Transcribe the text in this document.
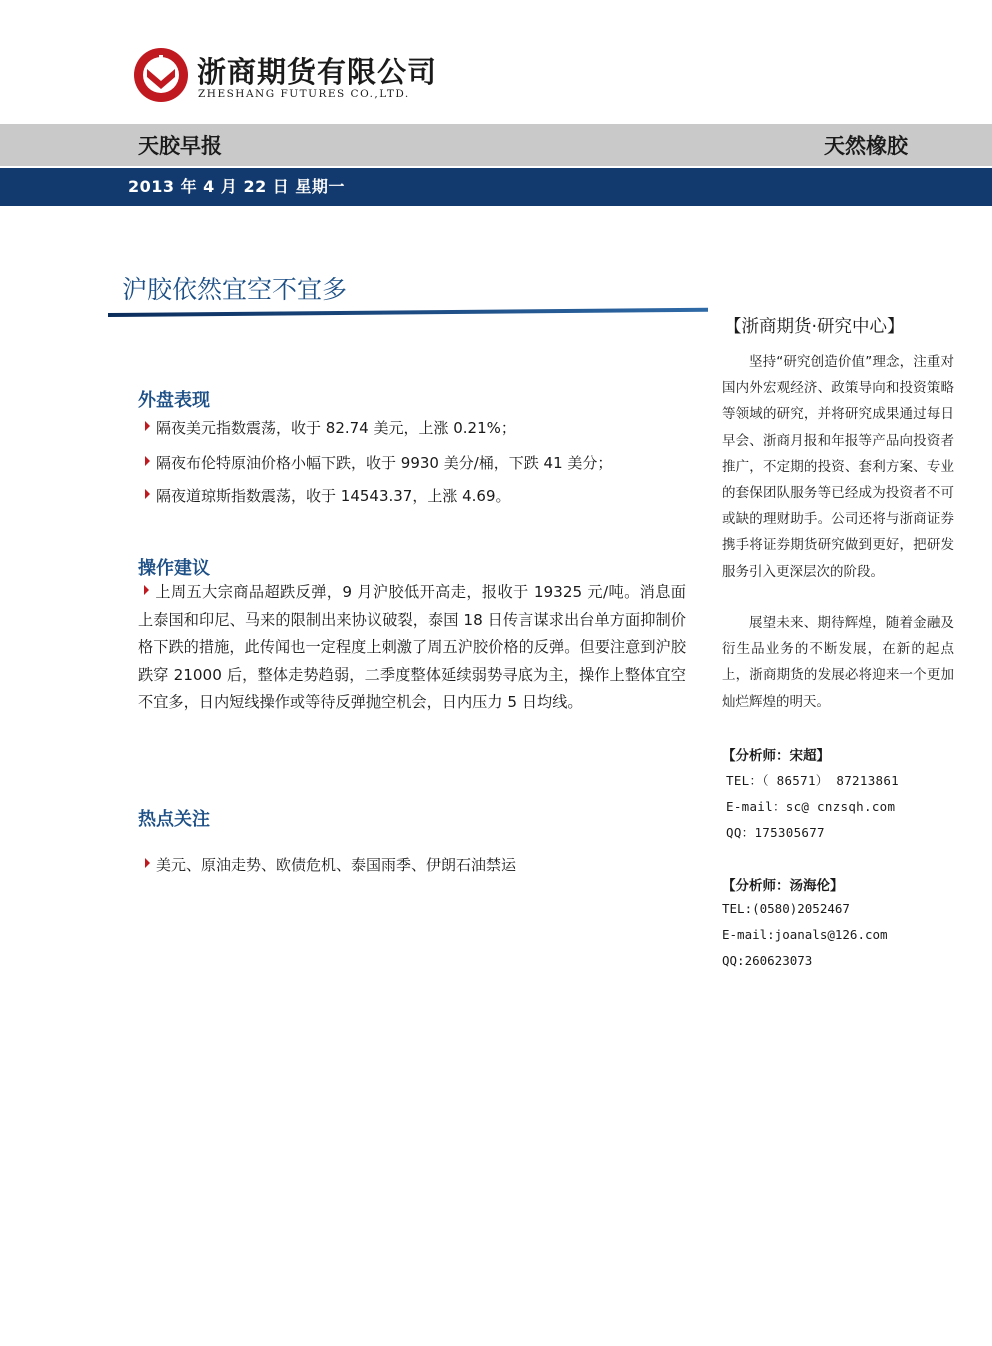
浙商期货有限公司
ZHESHANG FUTURES CO.,LTD.
天胶早报	天然橡胶
2013 年 4 月 22 日 星期一
沪胶依然宜空不宜多
外盘表现
隔夜美元指数震荡，收于 82.74 美元，上涨 0.21%；
隔夜布伦特原油价格小幅下跌，收于 9930 美分/桶，下跌 41 美分；
隔夜道琼斯指数震荡，收于 14543.37，上涨 4.69。
操作建议
上周五大宗商品超跌反弹，9 月沪胶低开高走，报收于 19325 元/吨。消息面上泰国和印尼、马来的限制出来协议破裂，泰国 18 日传言谋求出台单方面抑制价格下跌的措施，此传闻也一定程度上刺激了周五沪胶价格的反弹。但要注意到沪胶跌穿 21000 后，整体走势趋弱，二季度整体延续弱势寻底为主，操作上整体宜空不宜多，日内短线操作或等待反弹抛空机会，日内压力 5 日均线。
热点关注
美元、原油走势、欧债危机、泰国雨季、伊朗石油禁运
【浙商期货·研究中心】
坚持“研究创造价值”理念，注重对国内外宏观经济、政策导向和投资策略等领域的研究，并将研究成果通过每日早会、浙商月报和年报等产品向投资者推广，不定期的投资、套利方案、专业的套保团队服务等已经成为投资者不可或缺的理财助手。公司还将与浙商证券携手将证券期货研究做到更好，把研发服务引入更深层次的阶段。
展望未来、期待辉煌，随着金融及衍生品业务的不断发展，在新的起点上，浙商期货的发展必将迎来一个更加灿烂辉煌的明天。
【分析师：宋超】
TEL：（ 86571） 87213861
E-mail：sc@ cnzsqh.com
QQ：175305677
【分析师：汤海伦】
TEL:(0580)2052467
E-mail:joanals@126.com
QQ:260623073
